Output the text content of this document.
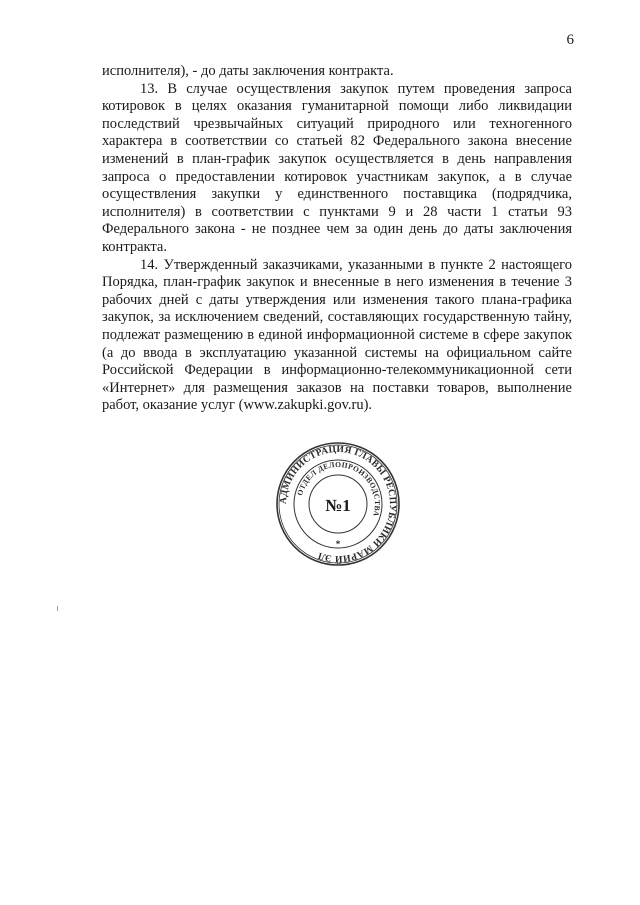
6

исполнителя), - до даты заключения контракта.

13. В случае осуществления закупок путем проведения запроса котировок в целях оказания гуманитарной помощи либо ликвидации последствий чрезвычайных ситуаций природного или техногенного характера в соответствии со статьей 82 Федерального закона внесение изменений в план-график закупок осуществляется в день направления запроса о предоставлении котировок участникам закупок, а в случае осуществления закупки у единственного поставщика (подрядчика, исполнителя) в соответствии с пунктами 9 и 28 части 1 статьи 93 Федерального закона - не позднее чем за один день до даты заключения контракта.

14. Утвержденный заказчиками, указанными в пункте 2 настоящего Порядка, план-график закупок и внесенные в него изменения в течение 3 рабочих дней с даты утверждения или изменения такого плана-графика закупок, за исключением сведений, составляющих государственную тайну, подлежат размещению в единой информационной системе в сфере закупок (а до ввода в эксплуатацию указанной системы на официальном сайте Российской Федерации в информационно-телекоммуникационной сети «Интернет» для размещения заказов на поставки товаров, выполнение работ, оказание услуг (www.zakupki.gov.ru).

АДМИНИСТРАЦИЯ ГЛАВЫ РЕСПУБЛИКИ МАРИЙ ЭЛ
ОТДЕЛ ДЕЛОПРОИЗВОДСТВА
№1
*
